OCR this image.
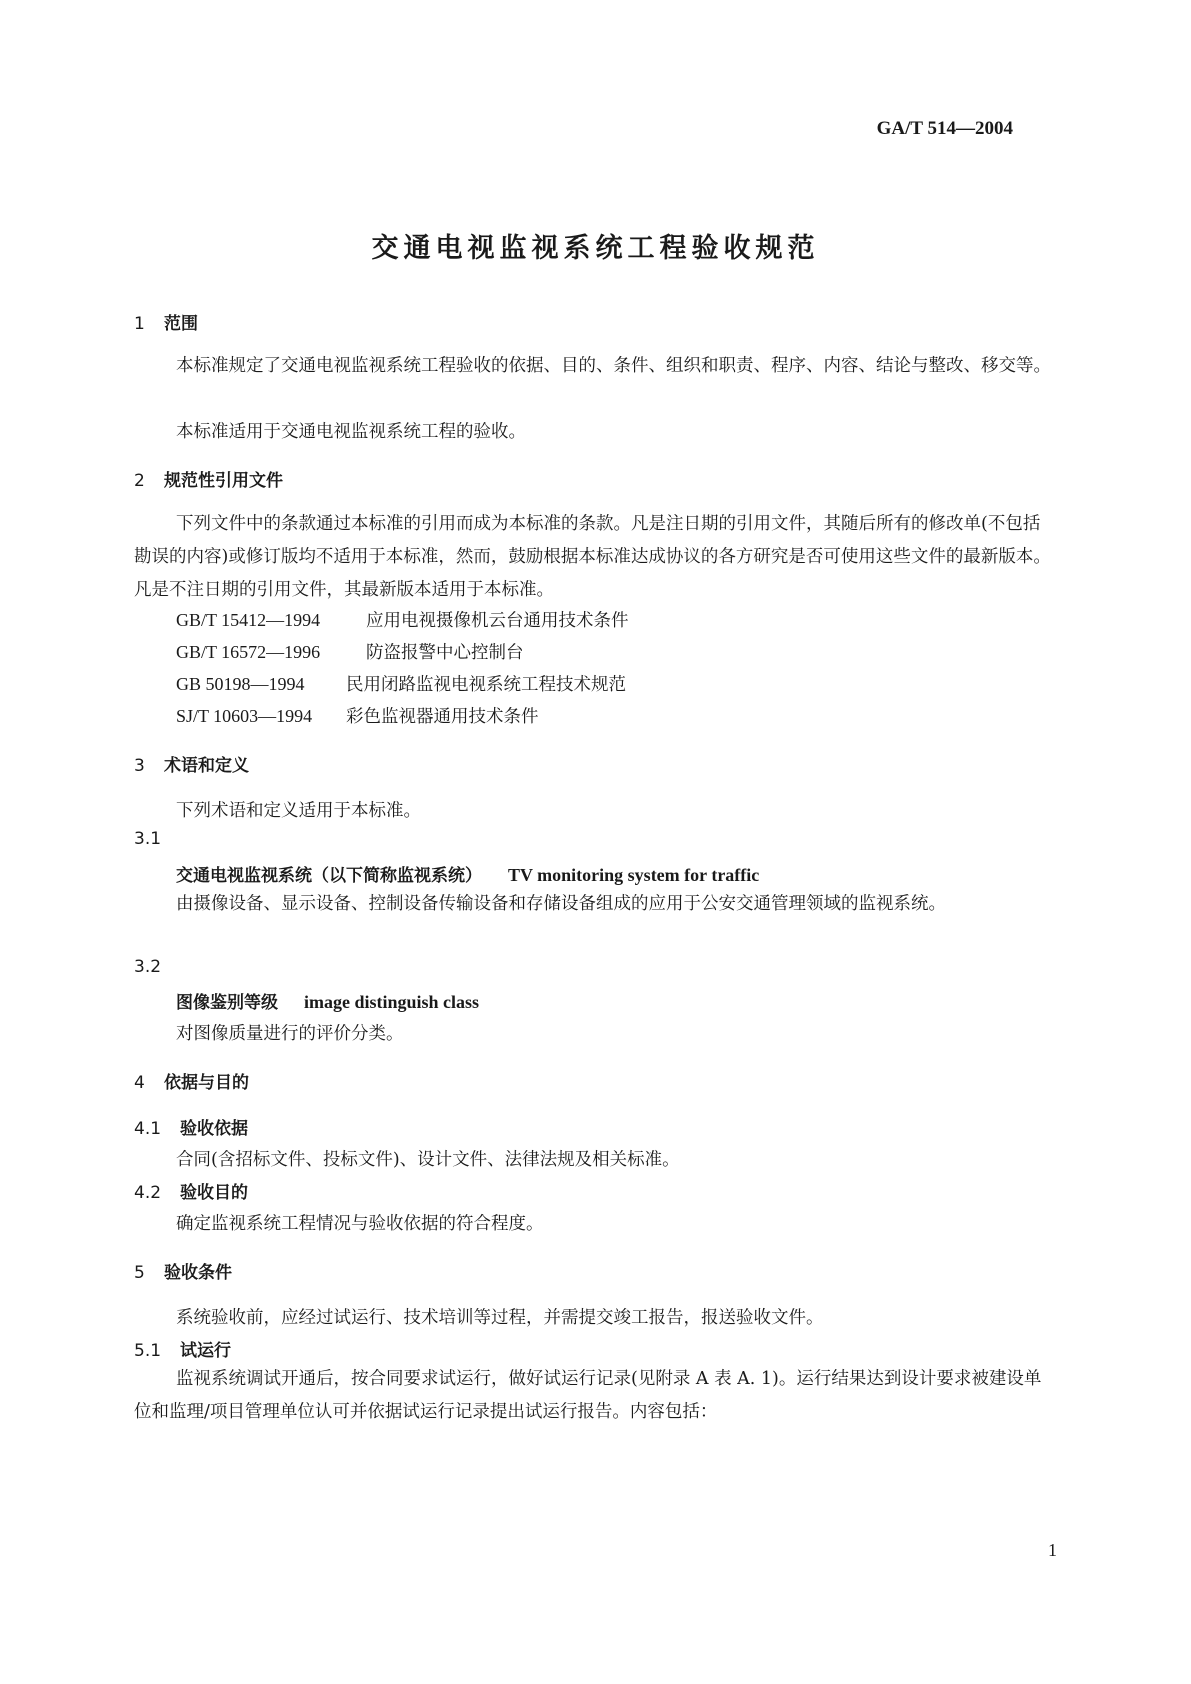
GA/T 514—2004
交通电视监视系统工程验收规范
1 范围
本标准规定了交通电视监视系统工程验收的依据、目的、条件、组织和职责、程序、内容、结论与整改、移交等。
本标准适用于交通电视监视系统工程的验收。
2 规范性引用文件
下列文件中的条款通过本标准的引用而成为本标准的条款。凡是注日期的引用文件，其随后所有的修改单(不包括勘误的内容)或修订版均不适用于本标准，然而，鼓励根据本标准达成协议的各方研究是否可使用这些文件的最新版本。凡是不注日期的引用文件，其最新版本适用于本标准。
GB/T 15412—1994	应用电视摄像机云台通用技术条件
GB/T 16572—1996	防盗报警中心控制台
GB 50198—1994 民用闭路监视电视系统工程技术规范
SJ/T 10603—1994 彩色监视器通用技术条件
3 术语和定义
下列术语和定义适用于本标准。
3.1
交通电视监视系统（以下简称监视系统） TV monitoring system for traffic
由摄像设备、显示设备、控制设备传输设备和存储设备组成的应用于公安交通管理领域的监视系统。
3.2
图像鉴别等级 image distinguish class
对图像质量进行的评价分类。
4 依据与目的
4.1 验收依据
合同(含招标文件、投标文件)、设计文件、法律法规及相关标准。
4.2 验收目的
确定监视系统工程情况与验收依据的符合程度。
5 验收条件
系统验收前，应经过试运行、技术培训等过程，并需提交竣工报告，报送验收文件。
5.1 试运行
监视系统调试开通后，按合同要求试运行，做好试运行记录(见附录 A 表 A. 1)。运行结果达到设计要求被建设单位和监理/项目管理单位认可并依据试运行记录提出试运行报告。内容包括：
1
